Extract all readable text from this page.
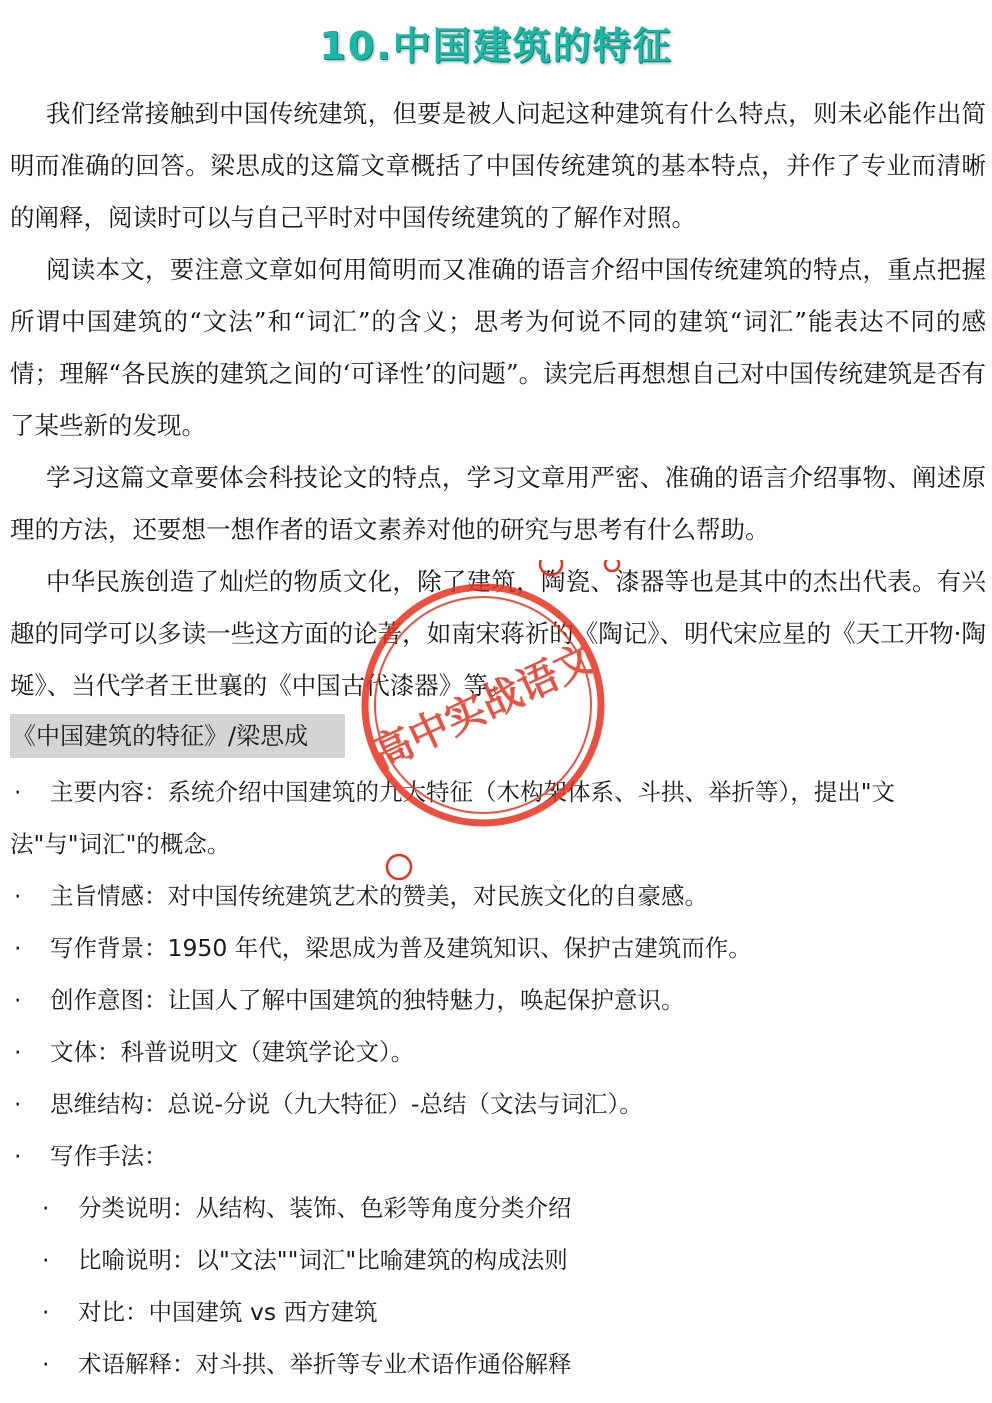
10.中国建筑的特征

我们经常接触到中国传统建筑，但要是被人问起这种建筑有什么特点，则未必能作出简明而准确的回答。梁思成的这篇文章概括了中国传统建筑的基本特点，并作了专业而清晰的阐释，阅读时可以与自己平时对中国传统建筑的了解作对照。

阅读本文，要注意文章如何用简明而又准确的语言介绍中国传统建筑的特点，重点把握所谓中国建筑的“文法”和“词汇”的含义；思考为何说不同的建筑“词汇”能表达不同的感情；理解“各民族的建筑之间的‘可译性’的问题”。读完后再想想自己对中国传统建筑是否有了某些新的发现。

学习这篇文章要体会科技论文的特点，学习文章用严密、准确的语言介绍事物、阐述原理的方法，还要想一想作者的语文素养对他的研究与思考有什么帮助。

中华民族创造了灿烂的物质文化，除了建筑，陶瓷、漆器等也是其中的杰出代表。有兴趣的同学可以多读一些这方面的论著，如南宋蒋祈的《陶记》、明代宋应星的《天工开物·陶埏》、当代学者王世襄的《中国古代漆器》等。

《中国建筑的特征》/梁思成
·	主要内容：系统介绍中国建筑的九大特征（木构架体系、斗拱、举折等），提出"文法"与"词汇"的概念。
· 主旨情感：对中国传统建筑艺术的赞美，对民族文化的自豪感。
· 写作背景：1950 年代，梁思成为普及建筑知识、保护古建筑而作。
· 创作意图：让国人了解中国建筑的独特魅力，唤起保护意识。
· 文体：科普说明文（建筑学论文）。
· 思维结构：总说-分说（九大特征）-总结（文法与词汇）。
· 写作手法：
· 分类说明：从结构、装饰、色彩等角度分类介绍
· 比喻说明：以"文法""词汇"比喻建筑的构成法则
· 对比：中国建筑 vs 西方建筑
· 术语解释：对斗拱、举折等专业术语作通俗解释
高中实战语文
